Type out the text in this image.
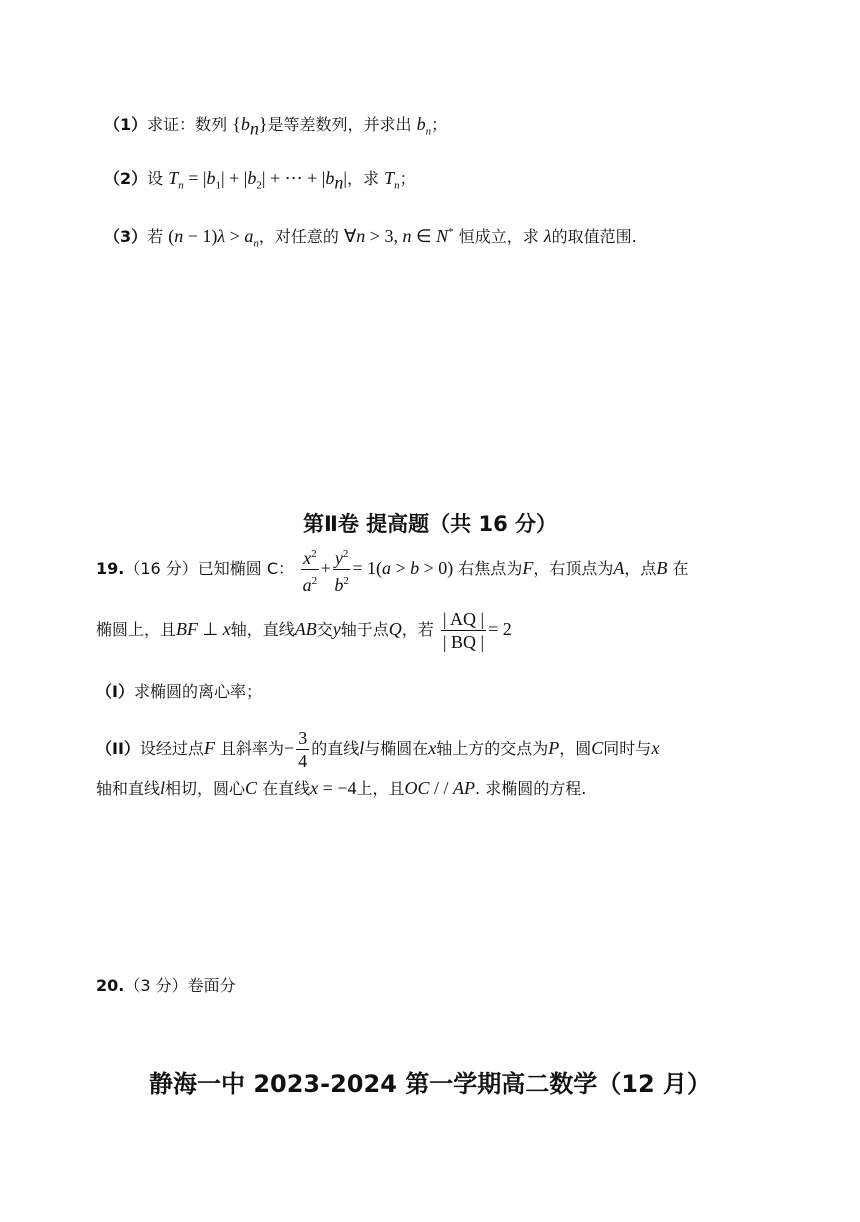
（1）求证：数列 $\{b_n\}$是等差数列，并求出 $b_n$；
（2）设 $T_n = |b_1| + |b_2|$ + ⋯ + $|b_n|$，求 $T_n$；
（3）若 $(n - 1)\lambda > a_n$，对任意的 ∀n > 3, n ∈ N* 恒成立，求 λ的取值范围.
第Ⅱ卷 提高题（共 16 分）
19.（16 分）已知椭圆 C： $\frac{x^2}{a^2} + \frac{y^2}{b^2} = 1(a > b > 0)$ 右焦点为F，右顶点为A，点B 在
椭圆上，且BF ⊥ x轴，直线AB交y轴于点Q，若 $\frac{| AQ |}{| BQ |} = 2$
（I）求椭圆的离心率；
（II）设经过点F 且斜率为− $\frac{3}{4}$ 的直线l与椭圆在x轴上方的交点为P，圆C同时与x
轴和直线l相切，圆心C 在直线x = −4上，且OC / / AP. 求椭圆的方程.
20.（3 分）卷面分
静海一中 2023-2024 第一学期高二数学（12 月）
